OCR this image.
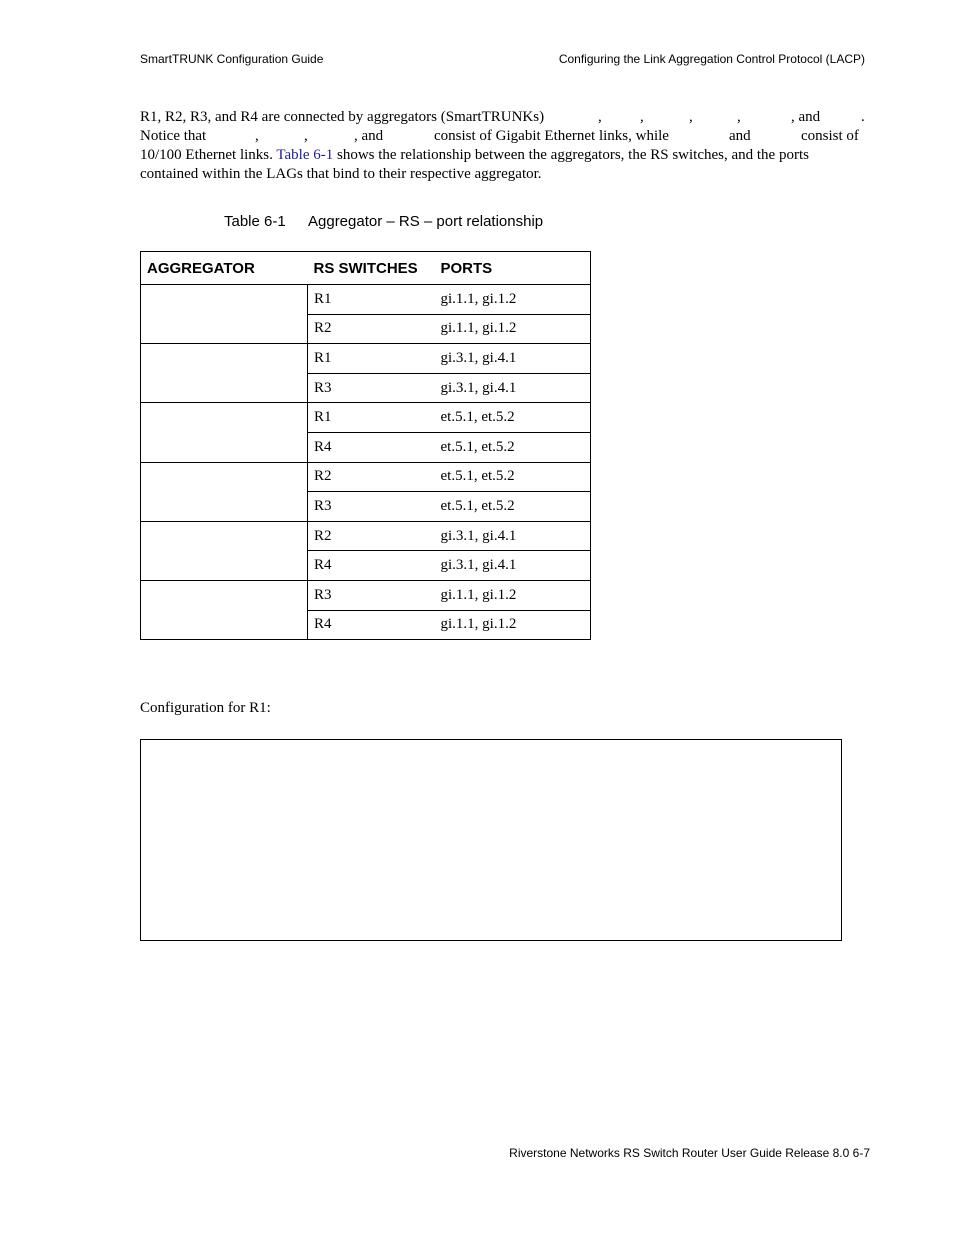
SmartTRUNK Configuration Guide	Configuring the Link Aggregation Control Protocol (LACP)
R1, R2, R3, and R4 are connected by aggregators (SmartTRUNKs)	,	,	,	,	, and	.
Notice that	,	,	, and	consist of Gigabit Ethernet links, while	and	consist of
10/100 Ethernet links. Table 6-1 shows the relationship between the aggregators, the RS switches, and the ports
contained within the LAGs that bind to their respective aggregator.
Table 6-1 Aggregator – RS – port relationship
AGGREGATOR	RS SWITCHES	PORTS
	R1	gi.1.1, gi.1.2
	R2	gi.1.1, gi.1.2
	R1	gi.3.1, gi.4.1
	R3	gi.3.1, gi.4.1
	R1	et.5.1, et.5.2
	R4	et.5.1, et.5.2
	R2	et.5.1, et.5.2
	R3	et.5.1, et.5.2
	R2	gi.3.1, gi.4.1
	R4	gi.3.1, gi.4.1
	R3	gi.1.1, gi.1.2
	R4	gi.1.1, gi.1.2
Configuration for R1:
Riverstone Networks RS Switch Router User Guide Release 8.0 6-7
